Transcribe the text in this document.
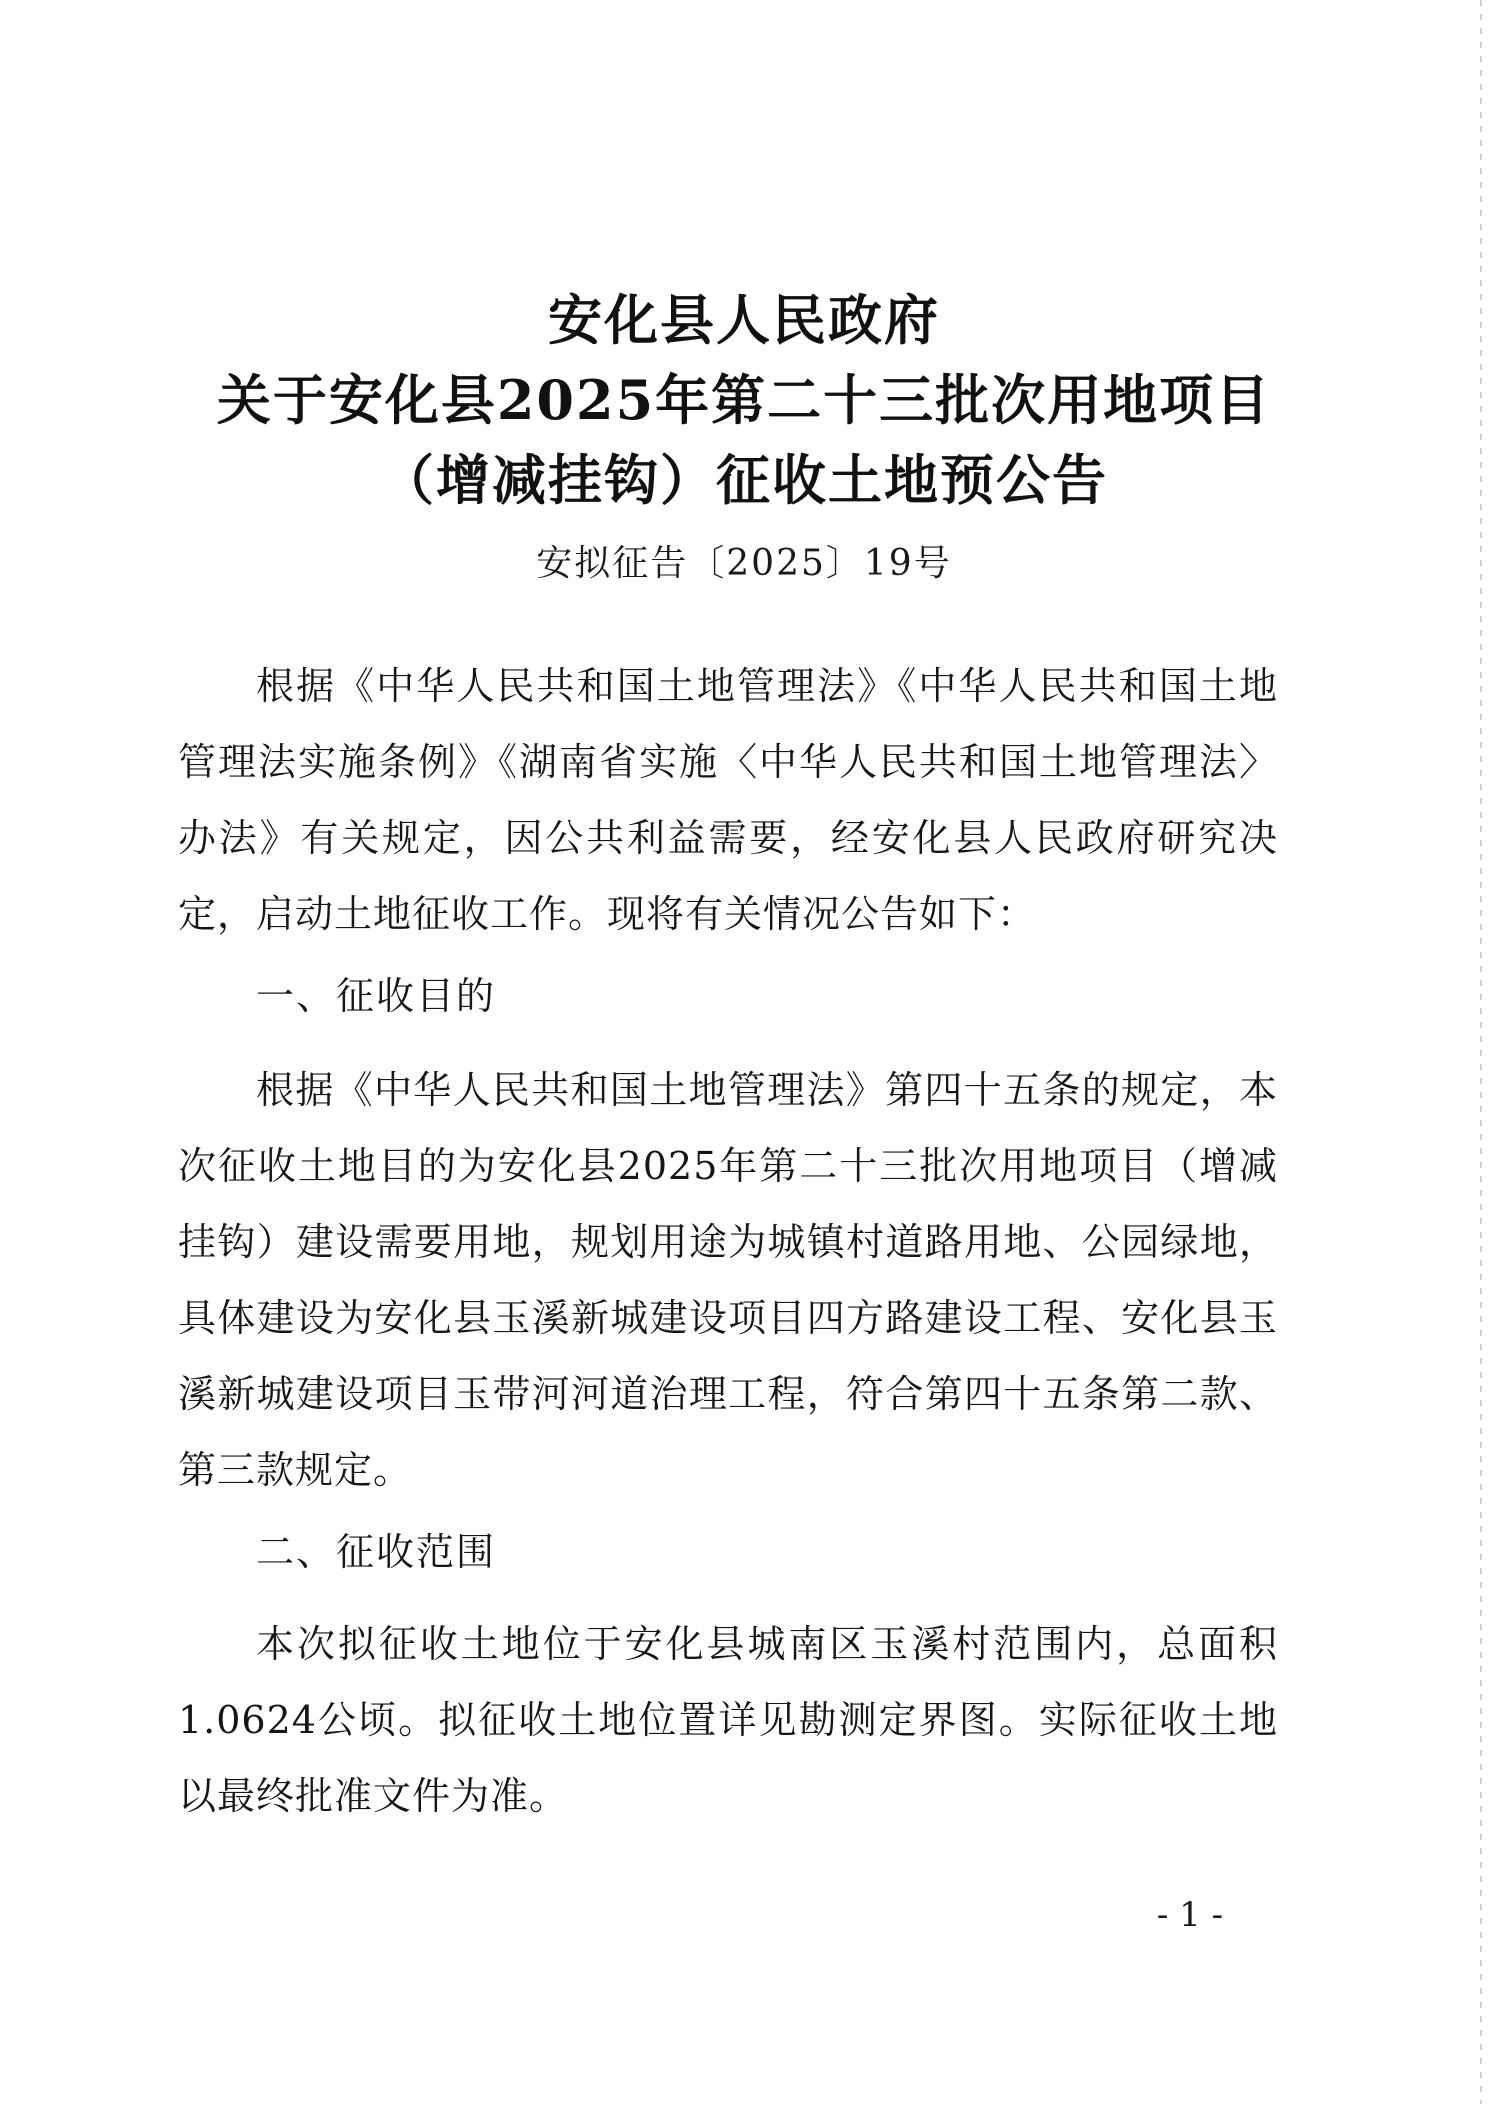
安化县人民政府
关于安化县2025年第二十三批次用地项目
（增减挂钩）征收土地预公告
安拟征告〔2025〕19号
根据《中华人民共和国土地管理法》《中华人民共和国土地管理法实施条例》《湖南省实施〈中华人民共和国土地管理法〉办法》有关规定，因公共利益需要，经安化县人民政府研究决定，启动土地征收工作。现将有关情况公告如下：
一、征收目的
根据《中华人民共和国土地管理法》第四十五条的规定，本次征收土地目的为安化县2025年第二十三批次用地项目（增减挂钩）建设需要用地，规划用途为城镇村道路用地、公园绿地，具体建设为安化县玉溪新城建设项目四方路建设工程、安化县玉溪新城建设项目玉带河河道治理工程，符合第四十五条第二款、第三款规定。
二、征收范围
本次拟征收土地位于安化县城南区玉溪村范围内，总面积1.0624公顷。拟征收土地位置详见勘测定界图。实际征收土地以最终批准文件为准。
- 1 -
